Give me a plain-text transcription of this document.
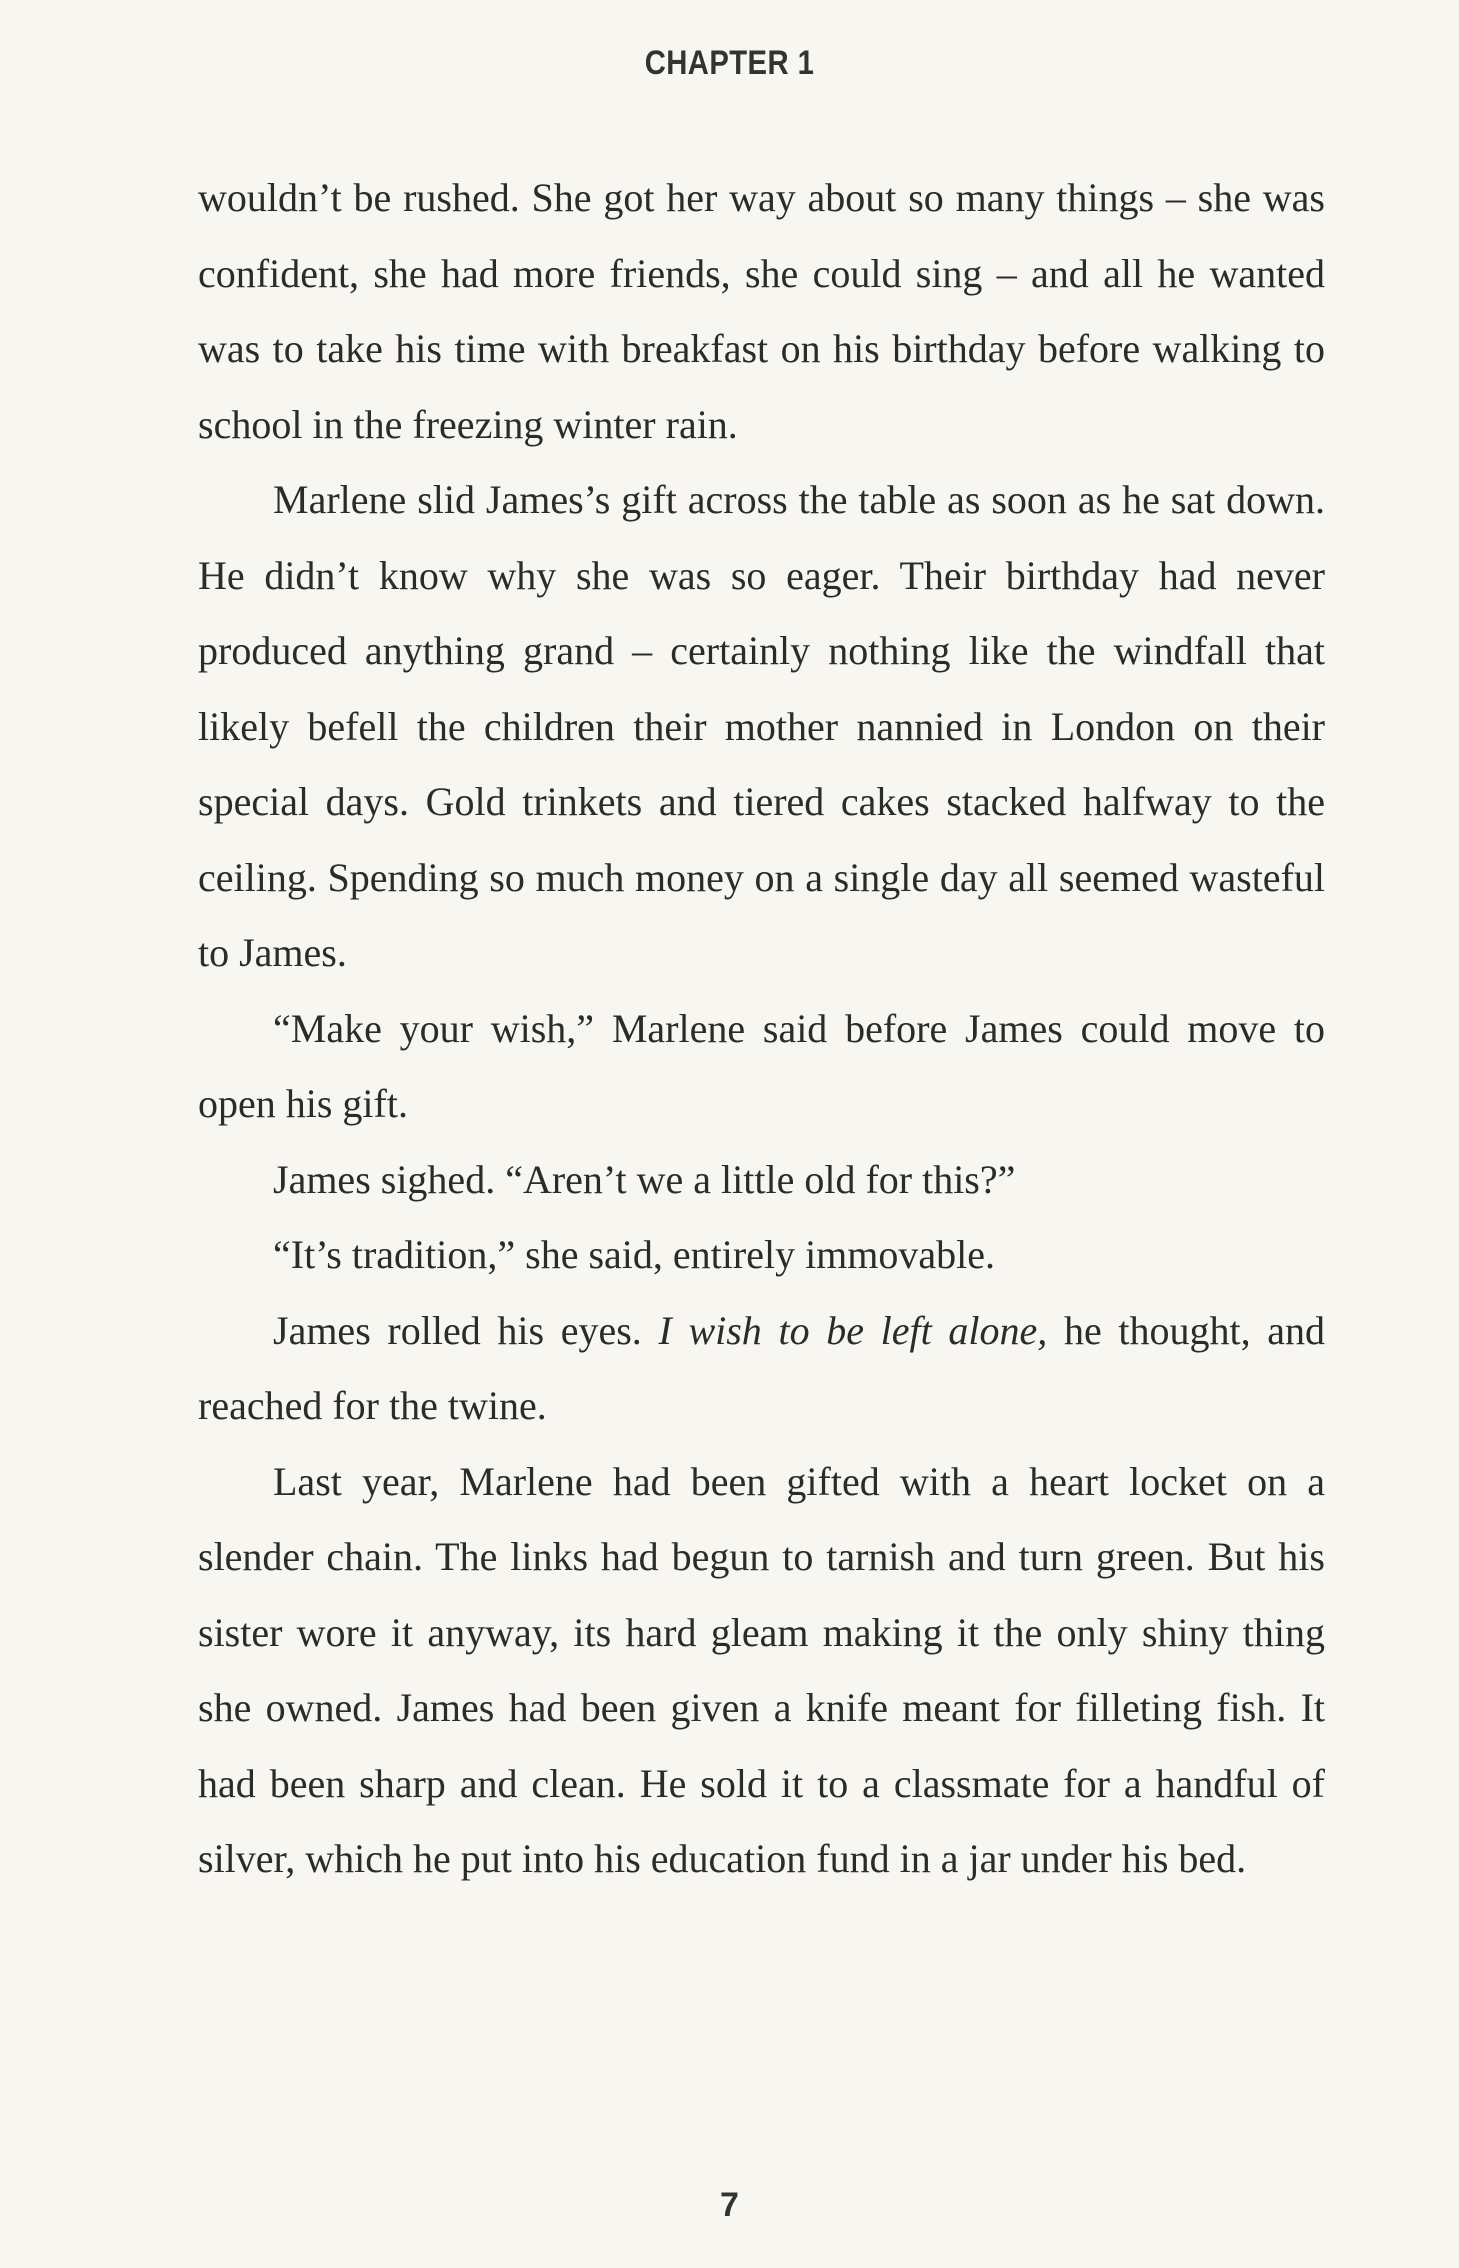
CHAPTER 1

wouldn’t be rushed. She got her way about so many things – she was confident, she had more friends, she could sing – and all he wanted was to take his time with breakfast on his birthday before walking to school in the freezing winter rain.

Marlene slid James’s gift across the table as soon as he sat down. He didn’t know why she was so eager. Their birthday had never produced anything grand – certainly nothing like the windfall that likely befell the children their mother nannied in London on their special days. Gold trinkets and tiered cakes stacked halfway to the ceiling. Spending so much money on a single day all seemed wasteful to James.

“Make your wish,” Marlene said before James could move to open his gift.

James sighed. “Aren’t we a little old for this?”

“It’s tradition,” she said, entirely immovable.

James rolled his eyes. I wish to be left alone, he thought, and reached for the twine.

Last year, Marlene had been gifted with a heart locket on a slender chain. The links had begun to tarnish and turn green. But his sister wore it anyway, its hard gleam making it the only shiny thing she owned. James had been given a knife meant for filleting fish. It had been sharp and clean. He sold it to a classmate for a handful of silver, which he put into his education fund in a jar under his bed.

7
